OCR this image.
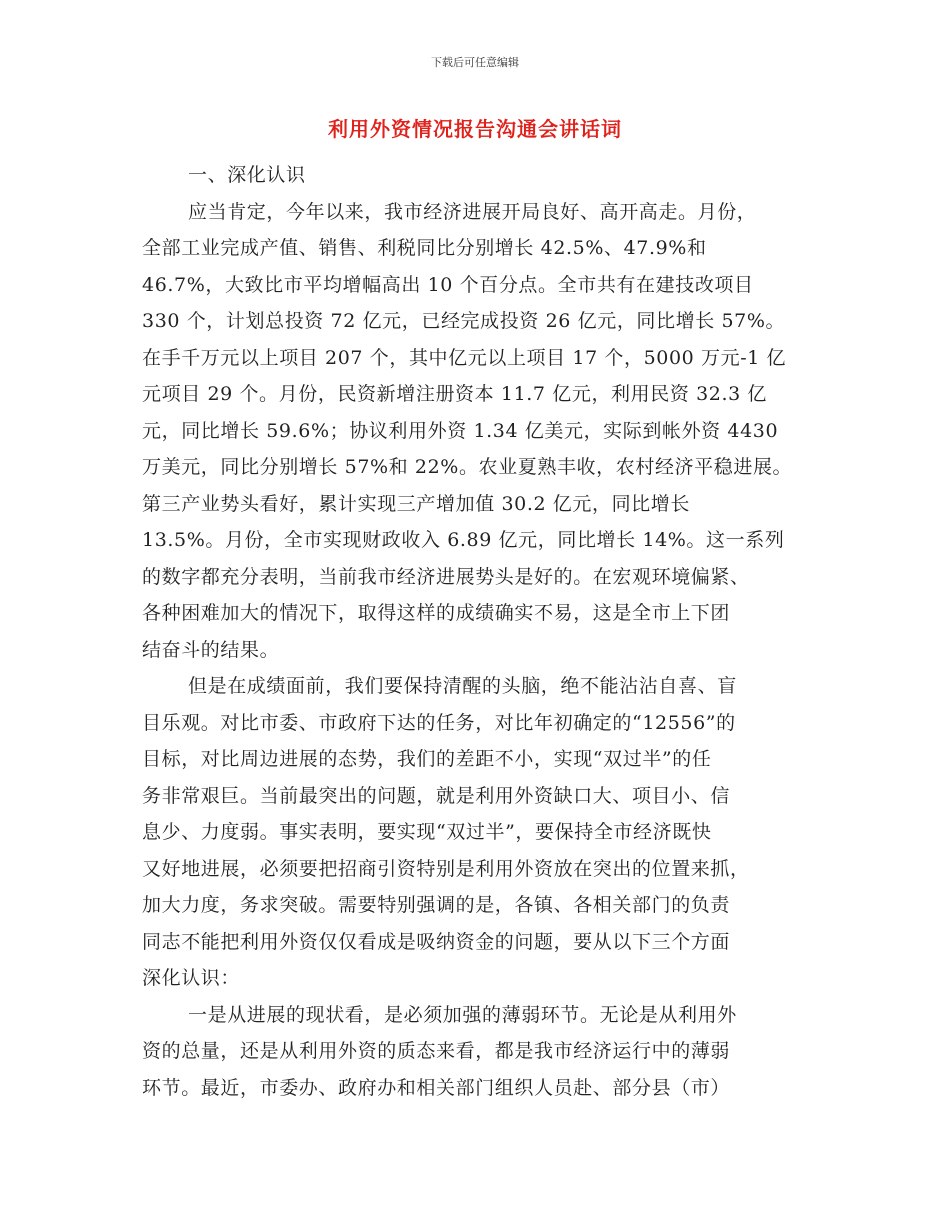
下载后可任意编辑
利用外资情况报告沟通会讲话词
一、深化认识
应当肯定，今年以来，我市经济进展开局良好、高开高走。月份，
全部工业完成产值、销售、利税同比分别增长 42.5%、47.9%和
46.7%，大致比市平均增幅高出 10 个百分点。全市共有在建技改项目
330 个，计划总投资 72 亿元，已经完成投资 26 亿元，同比增长 57%。
在手千万元以上项目 207 个，其中亿元以上项目 17 个，5000 万元-1 亿
元项目 29 个。月份，民资新增注册资本 11.7 亿元，利用民资 32.3 亿
元，同比增长 59.6%；协议利用外资 1.34 亿美元，实际到帐外资 4430
万美元，同比分别增长 57%和 22%。农业夏熟丰收，农村经济平稳进展。
第三产业势头看好，累计实现三产增加值 30.2 亿元，同比增长
13.5%。月份，全市实现财政收入 6.89 亿元，同比增长 14%。这一系列
的数字都充分表明，当前我市经济进展势头是好的。在宏观环境偏紧、
各种困难加大的情况下，取得这样的成绩确实不易，这是全市上下团
结奋斗的结果。
但是在成绩面前，我们要保持清醒的头脑，绝不能沾沾自喜、盲
目乐观。对比市委、市政府下达的任务，对比年初确定的“12556”的
目标，对比周边进展的态势，我们的差距不小，实现“双过半”的任
务非常艰巨。当前最突出的问题，就是利用外资缺口大、项目小、信
息少、力度弱。事实表明，要实现“双过半”，要保持全市经济既快
又好地进展，必须要把招商引资特别是利用外资放在突出的位置来抓，
加大力度，务求突破。需要特别强调的是，各镇、各相关部门的负责
同志不能把利用外资仅仅看成是吸纳资金的问题，要从以下三个方面
深化认识：
一是从进展的现状看，是必须加强的薄弱环节。无论是从利用外
资的总量，还是从利用外资的质态来看，都是我市经济运行中的薄弱
环节。最近，市委办、政府办和相关部门组织人员赴、部分县（市）
